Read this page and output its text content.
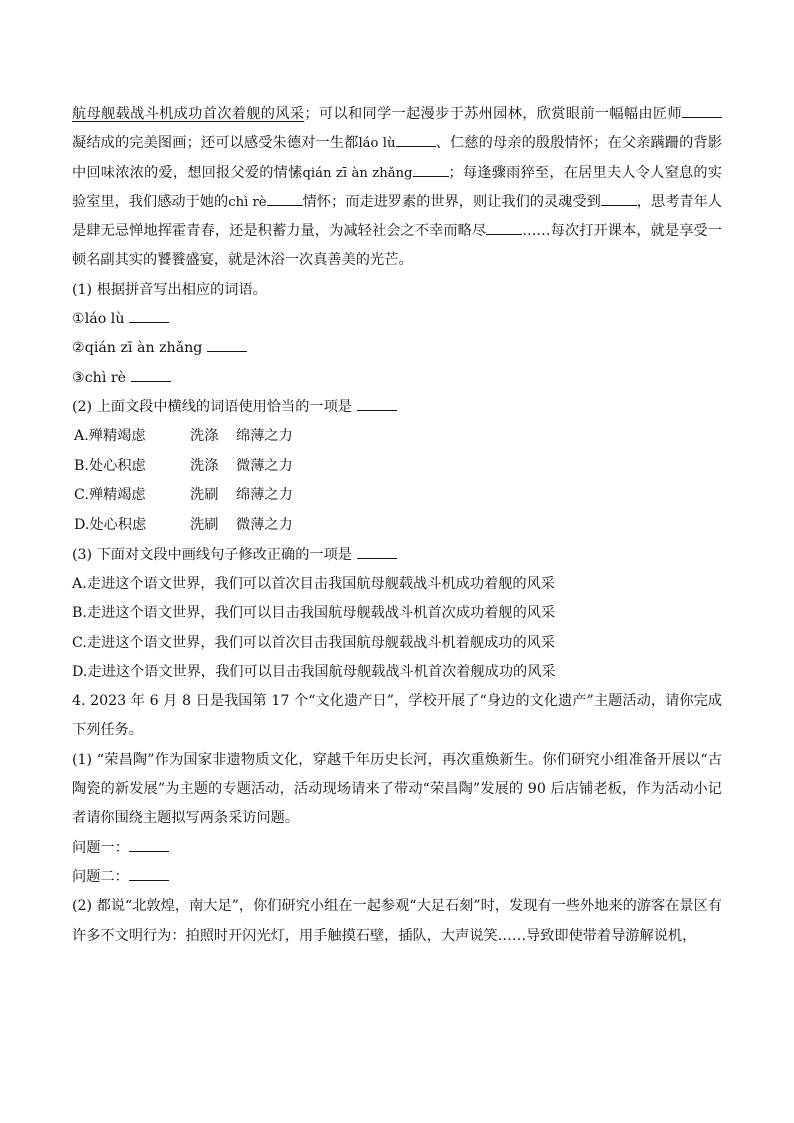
航母舰载战斗机成功首次着舰的风采；可以和同学一起漫步于苏州园林，欣赏眼前一幅幅由匠师凝结成的完美图画；还可以感受朱德对一生都láo lù	、仁慈的母亲的殷殷情怀；在父亲蹒跚的背影中回味浓浓的爱，想回报父爱的情愫qián zī àn zhǎng	；每逢骤雨猝至，在居里夫人令人窒息的实验室里，我们感动于她的chì rè	情怀；而走进罗素的世界，则让我们的灵魂受到	，思考青年人是肆无忌惮地挥霍青春，还是积蓄力量，为减轻社会之不幸而略尽	……每次打开课本，就是享受一顿名副其实的饕餮盛宴，就是沐浴一次真善美的光芒。
(1) 根据拼音写出相应的词语。
①láo lù
②qián zī àn zhǎng
③chì rè
(2) 上面文段中横线的词语使用恰当的一项是
A.殚精竭虑	洗涤	绵薄之力
B.处心积虑	洗涤	微薄之力
C.殚精竭虑	洗刷	绵薄之力
D.处心积虑	洗刷	微薄之力
(3) 下面对文段中画线句子修改正确的一项是
A.走进这个语文世界，我们可以首次目击我国航母舰载战斗机成功着舰的风采
B.走进这个语文世界，我们可以目击我国航母舰载战斗机首次成功着舰的风采
C.走进这个语文世界，我们可以首次目击我国航母舰载战斗机着舰成功的风采
D.走进这个语文世界，我们可以目击我国航母舰载战斗机首次着舰成功的风采
4. 2023 年 6 月 8 日是我国第 17 个“文化遗产日”，学校开展了“身边的文化遗产”主题活动，请你完成下列任务。
(1) “荣昌陶”作为国家非遗物质文化，穿越千年历史长河，再次重焕新生。你们研究小组准备开展以“古陶瓷的新发展”为主题的专题活动，活动现场请来了带动“荣昌陶”发展的 90 后店铺老板，作为活动小记者请你围绕主题拟写两条采访问题。
问题一：
问题二：
(2) 都说“北敦煌，南大足”，你们研究小组在一起参观“大足石刻”时，发现有一些外地来的游客在景区有许多不文明行为：拍照时开闪光灯，用手触摸石壁，插队，大声说笑……导致即使带着导游解说机，
